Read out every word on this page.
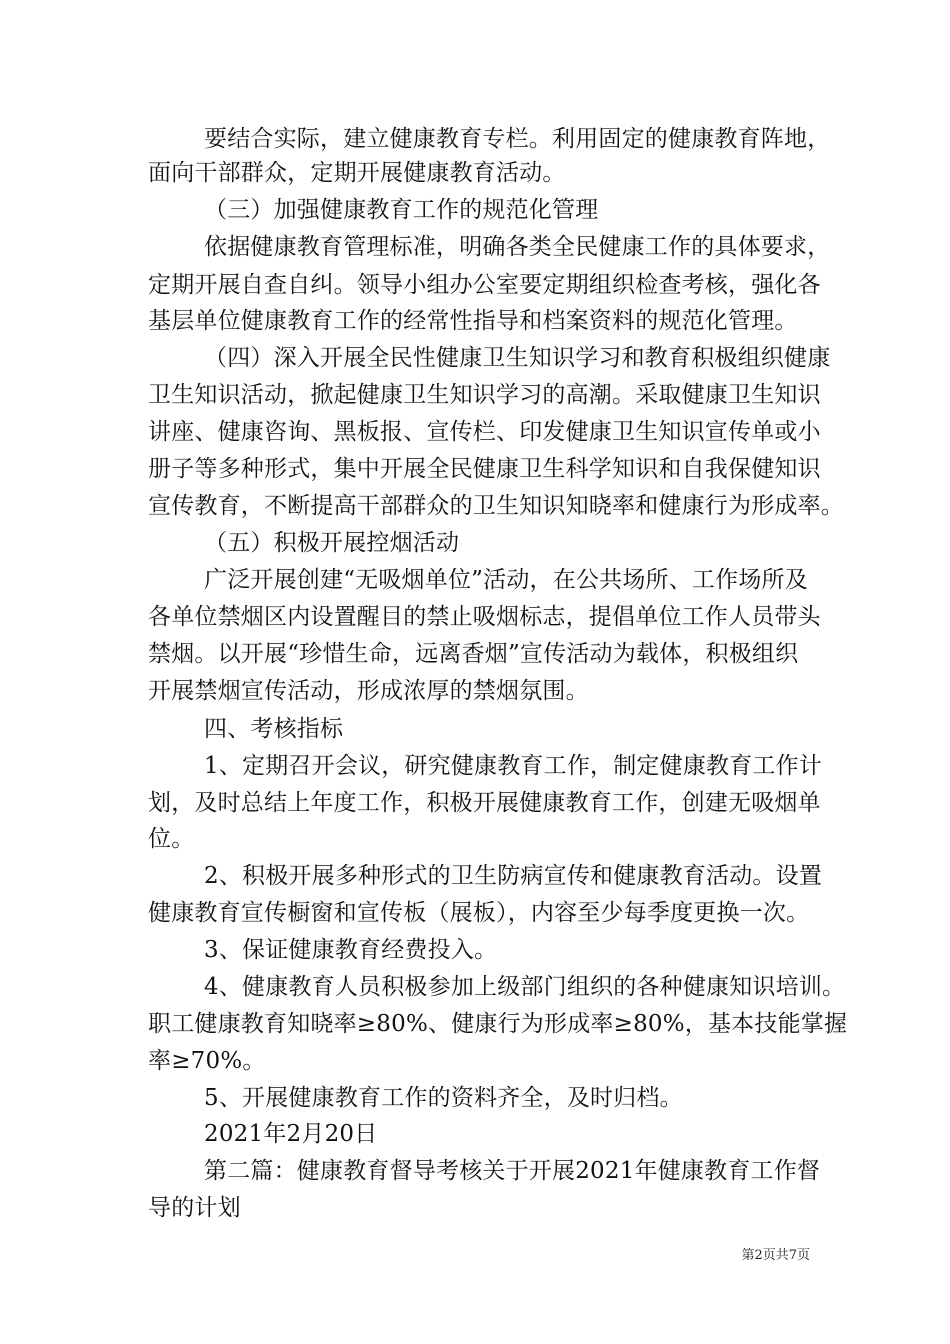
要结合实际，建立健康教育专栏。利用固定的健康教育阵地，
面向干部群众，定期开展健康教育活动。
（三）加强健康教育工作的规范化管理
依据健康教育管理标准，明确各类全民健康工作的具体要求，
定期开展自查自纠。领导小组办公室要定期组织检查考核，强化各
基层单位健康教育工作的经常性指导和档案资料的规范化管理。
（四）深入开展全民性健康卫生知识学习和教育积极组织健康
卫生知识活动，掀起健康卫生知识学习的高潮。采取健康卫生知识
讲座、健康咨询、黑板报、宣传栏、印发健康卫生知识宣传单或小
册子等多种形式，集中开展全民健康卫生科学知识和自我保健知识
宣传教育，不断提高干部群众的卫生知识知晓率和健康行为形成率。
（五）积极开展控烟活动
广泛开展创建“无吸烟单位”活动，在公共场所、工作场所及
各单位禁烟区内设置醒目的禁止吸烟标志，提倡单位工作人员带头
禁烟。以开展“珍惜生命，远离香烟”宣传活动为载体，积极组织
开展禁烟宣传活动，形成浓厚的禁烟氛围。
四、考核指标
1、定期召开会议，研究健康教育工作，制定健康教育工作计
划，及时总结上年度工作，积极开展健康教育工作，创建无吸烟单
位。
2、积极开展多种形式的卫生防病宣传和健康教育活动。设置
健康教育宣传橱窗和宣传板（展板），内容至少每季度更换一次。
3、保证健康教育经费投入。
4、健康教育人员积极参加上级部门组织的各种健康知识培训。
职工健康教育知晓率≥80%、健康行为形成率≥80%，基本技能掌握
率≥70%。
5、开展健康教育工作的资料齐全，及时归档。
2021年2月20日
第二篇：健康教育督导考核关于开展2021年健康教育工作督
导的计划
第2页共7页
